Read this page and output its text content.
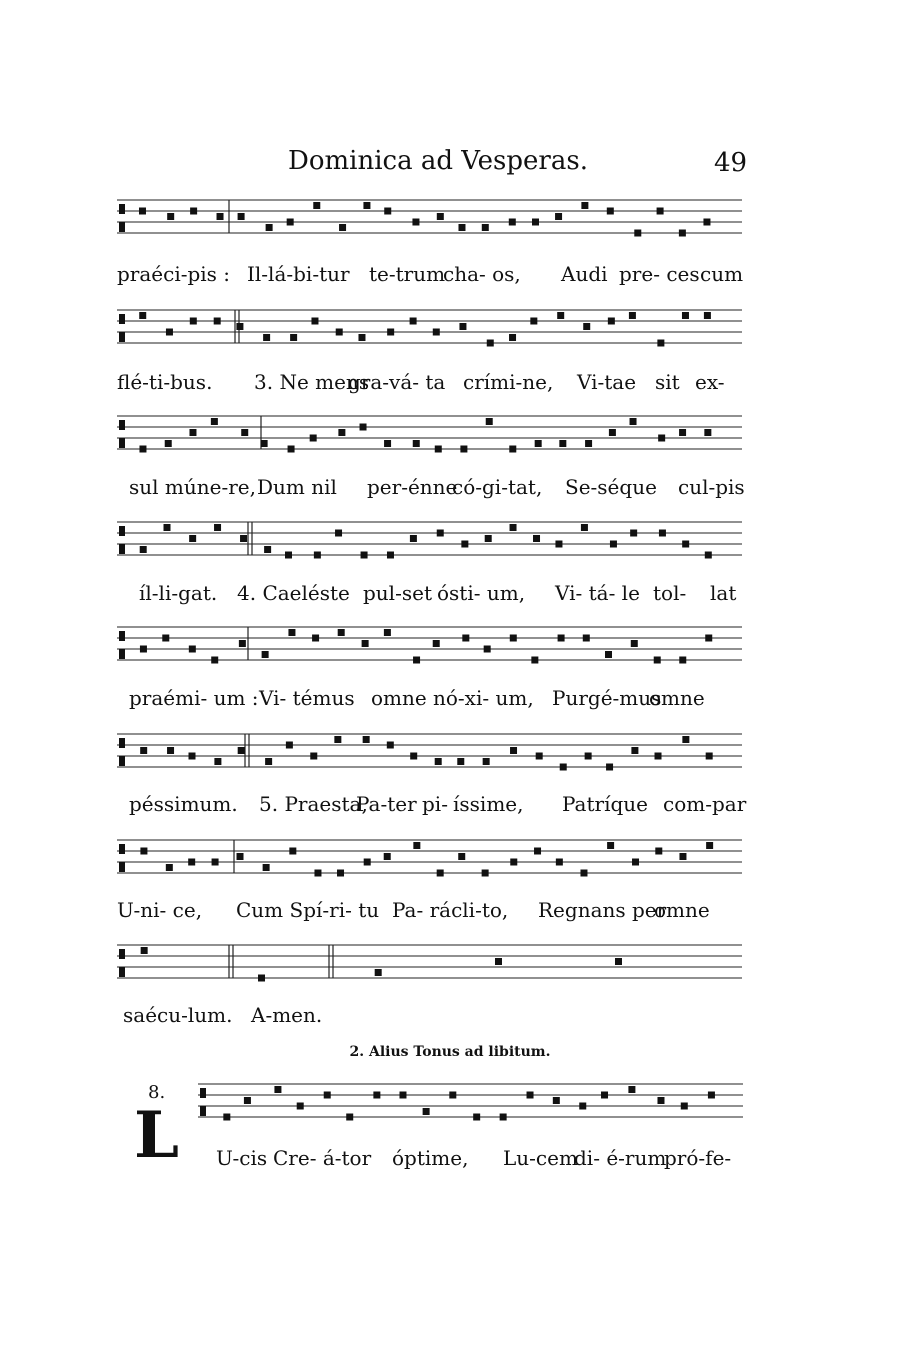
Dominica ad Vesperas.	49
praéci-pis : Il-lá-bi-tur te-trum
cha- os, Audi pre- ces cum
flé-ti-bus. 3. Ne mens
gra-vá- ta crími-ne, Vi-tae sit ex-
sul múne-re, Dum nil per-énne
có-gi-tat, Se-séque cul-pis
íl-li-gat. 4. Caeléste pul-set ósti- um, Vi- tá- le tol- lat
praémi- um : Vi- témus omne nó-xi- um, Purgé-mus
omne
péssimum. 5. Praesta,
Pa-ter pi- íssime, Patríque com-par
U-ni- ce, Cum Spí-ri- tu Pa- rácli-to, Regnans per
omne
saécu-lum. A-men.
U-cis Cre- á-tor óptime, Lu-cem
di- é-rum
pró-fe-
2. Alius Tonus ad libitum.
8.
L
